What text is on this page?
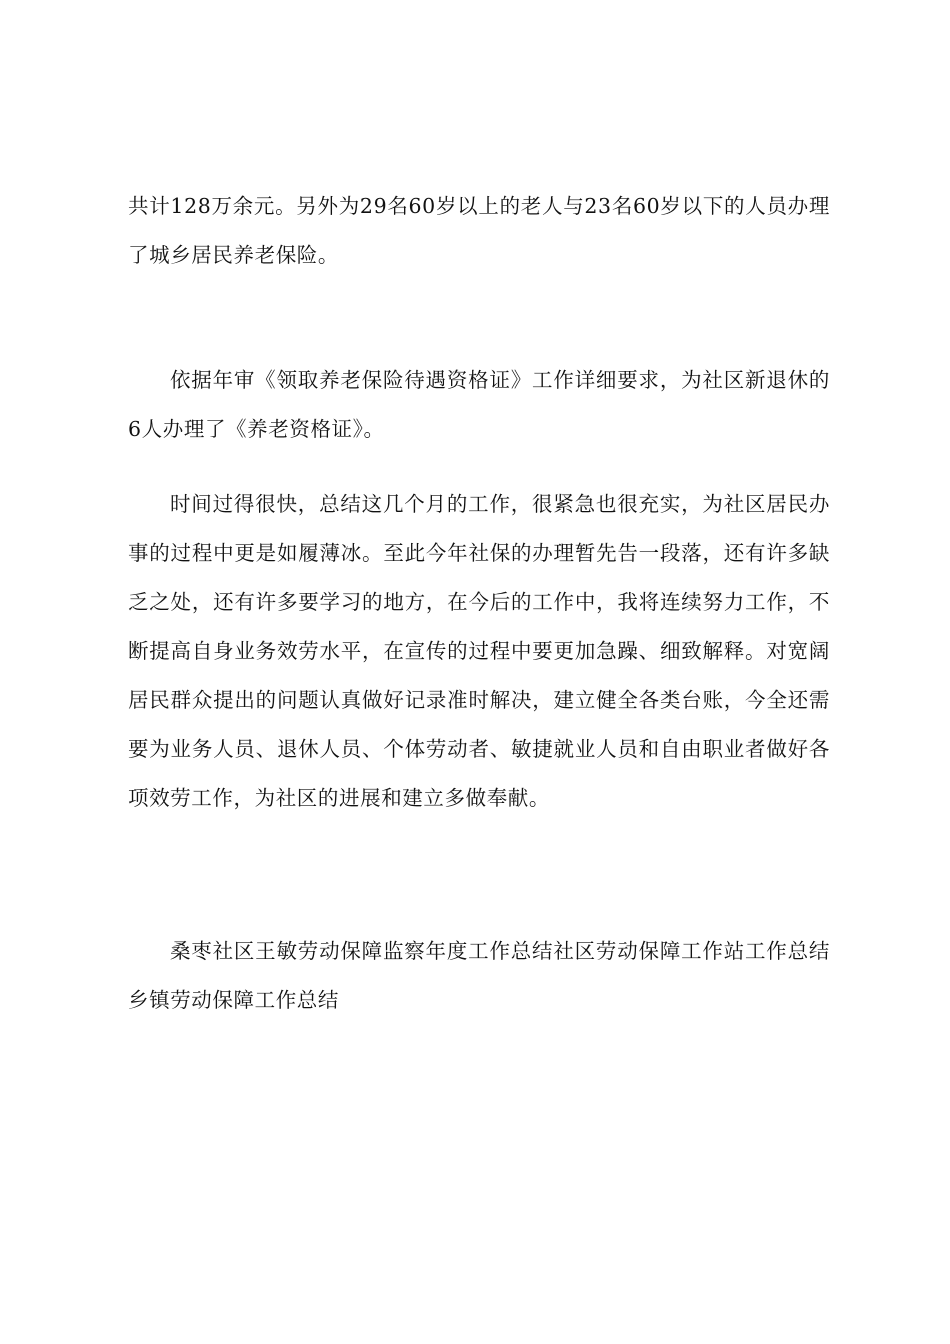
共计128万余元。另外为29名60岁以上的老人与23名60岁以下的人员办理了城乡居民养老保险。

依据年审《领取养老保险待遇资格证》工作详细要求，为社区新退休的6人办理了《养老资格证》。

时间过得很快，总结这几个月的工作，很紧急也很充实，为社区居民办事的过程中更是如履薄冰。至此今年社保的办理暂先告一段落，还有许多缺乏之处，还有许多要学习的地方，在今后的工作中，我将连续努力工作，不断提高自身业务效劳水平，在宣传的过程中要更加急躁、细致解释。对宽阔居民群众提出的问题认真做好记录准时解决，建立健全各类台账，今全还需要为业务人员、退休人员、个体劳动者、敏捷就业人员和自由职业者做好各项效劳工作，为社区的进展和建立多做奉献。

桑枣社区王敏劳动保障监察年度工作总结社区劳动保障工作站工作总结乡镇劳动保障工作总结
